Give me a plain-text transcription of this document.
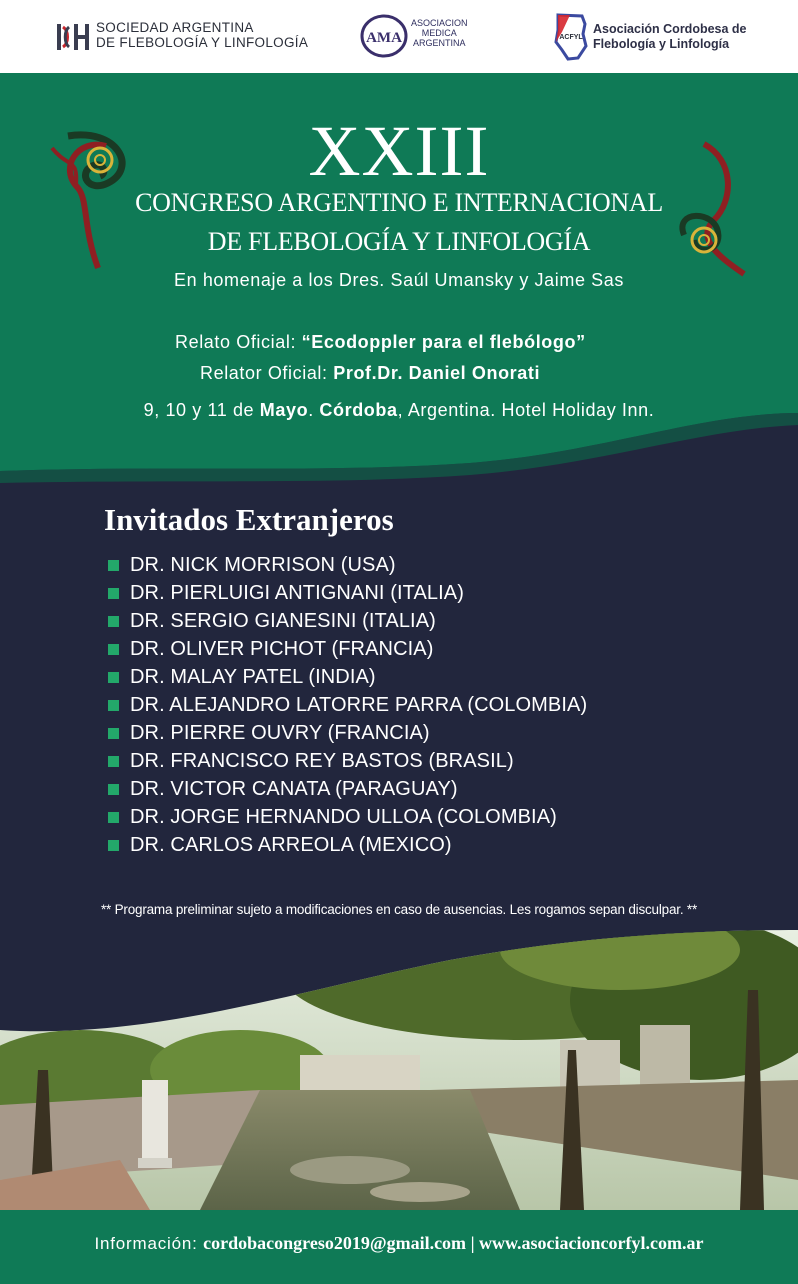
SOCIEDAD ARGENTINA
DE FLEBOLOGÍA Y LINFOLOGÍA	AMA
ASOCIACION
MEDICA
ARGENTINA
ACFYL
Asociación Cordobesa de
Flebología y Linfología
XXIII
CONGRESO ARGENTINO E INTERNACIONAL
DE FLEBOLOGÍA Y LINFOLOGÍA
En homenaje a los Dres. Saúl Umansky y Jaime Sas
Relato Oficial: “Ecodoppler para el flebólogo”
Relator Oficial: Prof.Dr. Daniel Onorati
9, 10 y 11 de Mayo. Córdoba, Argentina. Hotel Holiday Inn.
Invitados Extranjeros
DR. NICK MORRISON (USA)
DR. PIERLUIGI ANTIGNANI (ITALIA)
DR. SERGIO GIANESINI (ITALIA)
DR. OLIVER PICHOT (FRANCIA)
DR. MALAY PATEL (INDIA)
DR. ALEJANDRO LATORRE PARRA (COLOMBIA)
DR. PIERRE OUVRY (FRANCIA)
DR. FRANCISCO REY BASTOS (BRASIL)
DR. VICTOR CANATA (PARAGUAY)
DR. JORGE HERNANDO ULLOA (COLOMBIA)
DR. CARLOS ARREOLA (MEXICO)
** Programa preliminar sujeto a modificaciones en caso de ausencias. Les rogamos sepan disculpar. **
Información: cordobacongreso2019@gmail.com | www.asociacioncorfyl.com.ar
